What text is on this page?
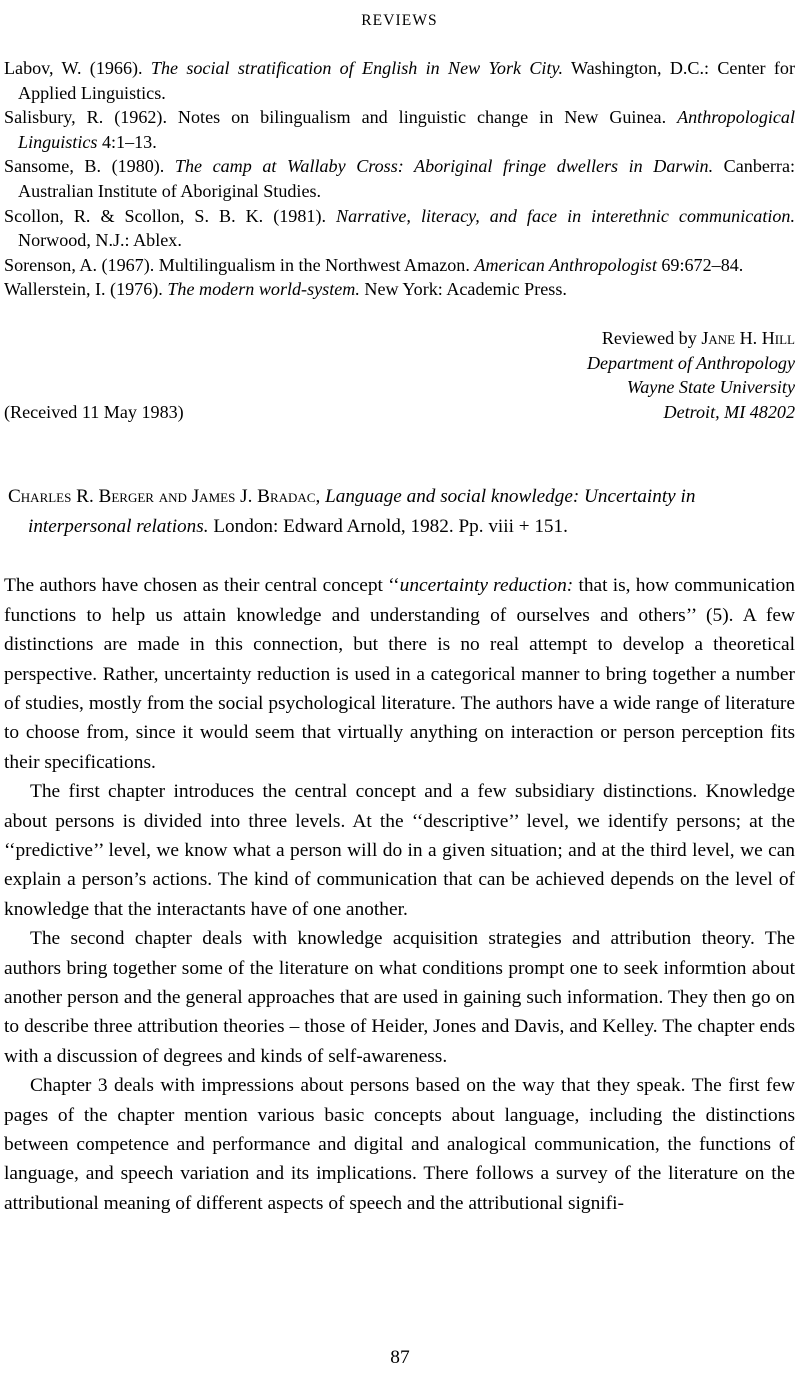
REVIEWS
Labov, W. (1966). The social stratification of English in New York City. Washington, D.C.: Center for Applied Linguistics.
Salisbury, R. (1962). Notes on bilingualism and linguistic change in New Guinea. Anthropological Linguistics 4:1–13.
Sansome, B. (1980). The camp at Wallaby Cross: Aboriginal fringe dwellers in Darwin. Canberra: Australian Institute of Aboriginal Studies.
Scollon, R. & Scollon, S. B. K. (1981). Narrative, literacy, and face in interethnic communication. Norwood, N.J.: Ablex.
Sorenson, A. (1967). Multilingualism in the Northwest Amazon. American Anthropologist 69:672–84.
Wallerstein, I. (1976). The modern world-system. New York: Academic Press.
Reviewed by Jane H. Hill
Department of Anthropology
Wayne State University
Detroit, MI 48202
(Received 11 May 1983)
Charles R. Berger and James J. Bradac, Language and social knowledge: Uncertainty in interpersonal relations. London: Edward Arnold, 1982. Pp. viii + 151.

The authors have chosen as their central concept ‘‘uncertainty reduction: that is, how communication functions to help us attain knowledge and understanding of ourselves and others’’ (5). A few distinctions are made in this connection, but there is no real attempt to develop a theoretical perspective. Rather, uncertainty reduction is used in a categorical manner to bring together a number of studies, mostly from the social psychological literature. The authors have a wide range of literature to choose from, since it would seem that virtually anything on interaction or person perception fits their specifications.

The first chapter introduces the central concept and a few subsidiary distinctions. Knowledge about persons is divided into three levels. At the ‘‘descriptive’’ level, we identify persons; at the ‘‘predictive’’ level, we know what a person will do in a given situation; and at the third level, we can explain a person’s actions. The kind of communication that can be achieved depends on the level of knowledge that the interactants have of one another.

The second chapter deals with knowledge acquisition strategies and attribution theory. The authors bring together some of the literature on what conditions prompt one to seek informtion about another person and the general approaches that are used in gaining such information. They then go on to describe three attribution theories – those of Heider, Jones and Davis, and Kelley. The chapter ends with a discussion of degrees and kinds of self-awareness.

Chapter 3 deals with impressions about persons based on the way that they speak. The first few pages of the chapter mention various basic concepts about language, including the distinctions between competence and performance and digital and analogical communication, the functions of language, and speech variation and its implications. There follows a survey of the literature on the attributional meaning of different aspects of speech and the attributional signifi-

87
